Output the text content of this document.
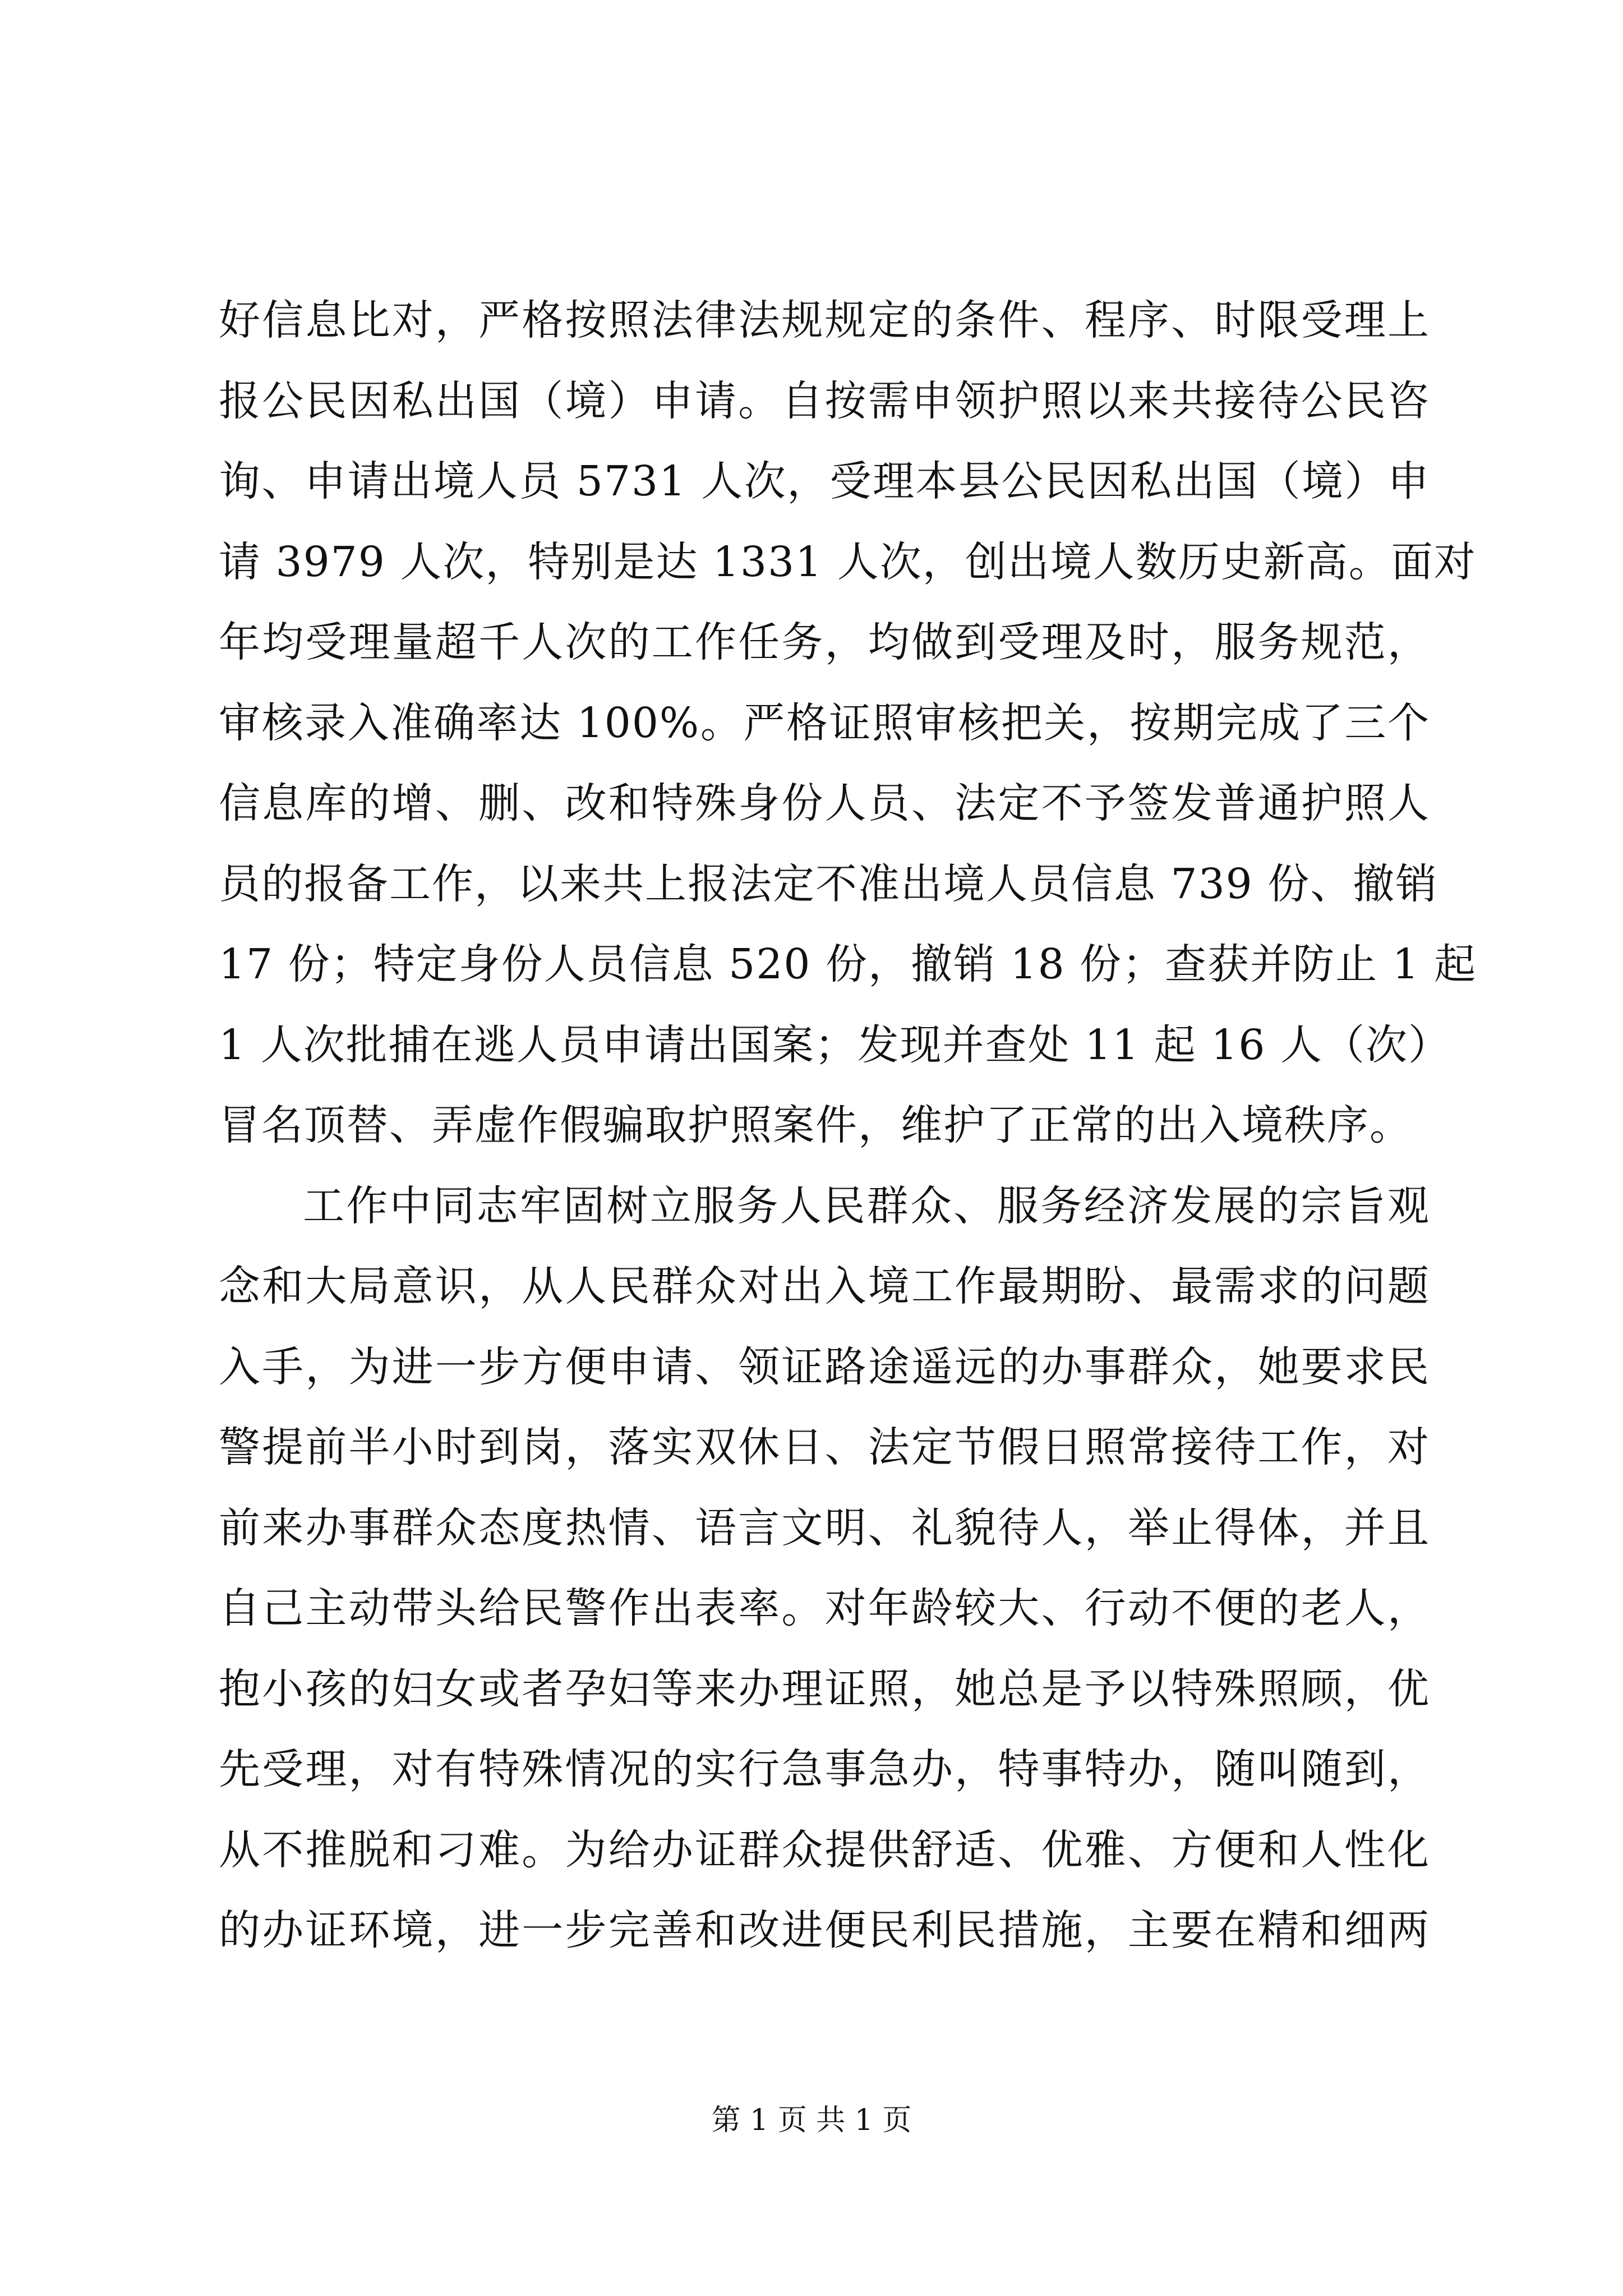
好信息比对，严格按照法律法规规定的条件、程序、时限受理上
报公民因私出国（境）申请。自按需申领护照以来共接待公民咨
询、申请出境人员 5731 人次，受理本县公民因私出国（境）申
请 3979 人次，特别是达 1331 人次，创出境人数历史新高。面对
年均受理量超千人次的工作任务，均做到受理及时，服务规范，
审核录入准确率达 100%。严格证照审核把关，按期完成了三个
信息库的增、删、改和特殊身份人员、法定不予签发普通护照人
员的报备工作，以来共上报法定不准出境人员信息 739 份、撤销
17 份；特定身份人员信息 520 份，撤销 18 份；查获并防止 1 起
1 人次批捕在逃人员申请出国案；发现并查处 11 起 16 人（次）
冒名顶替、弄虚作假骗取护照案件，维护了正常的出入境秩序。
工作中同志牢固树立服务人民群众、服务经济发展的宗旨观
念和大局意识，从人民群众对出入境工作最期盼、最需求的问题
入手，为进一步方便申请、领证路途遥远的办事群众，她要求民
警提前半小时到岗，落实双休日、法定节假日照常接待工作，对
前来办事群众态度热情、语言文明、礼貌待人，举止得体，并且
自己主动带头给民警作出表率。对年龄较大、行动不便的老人，
抱小孩的妇女或者孕妇等来办理证照，她总是予以特殊照顾，优
先受理，对有特殊情况的实行急事急办，特事特办，随叫随到，
从不推脱和刁难。为给办证群众提供舒适、优雅、方便和人性化
的办证环境，进一步完善和改进便民利民措施，主要在精和细两
第 1 页 共 1 页
